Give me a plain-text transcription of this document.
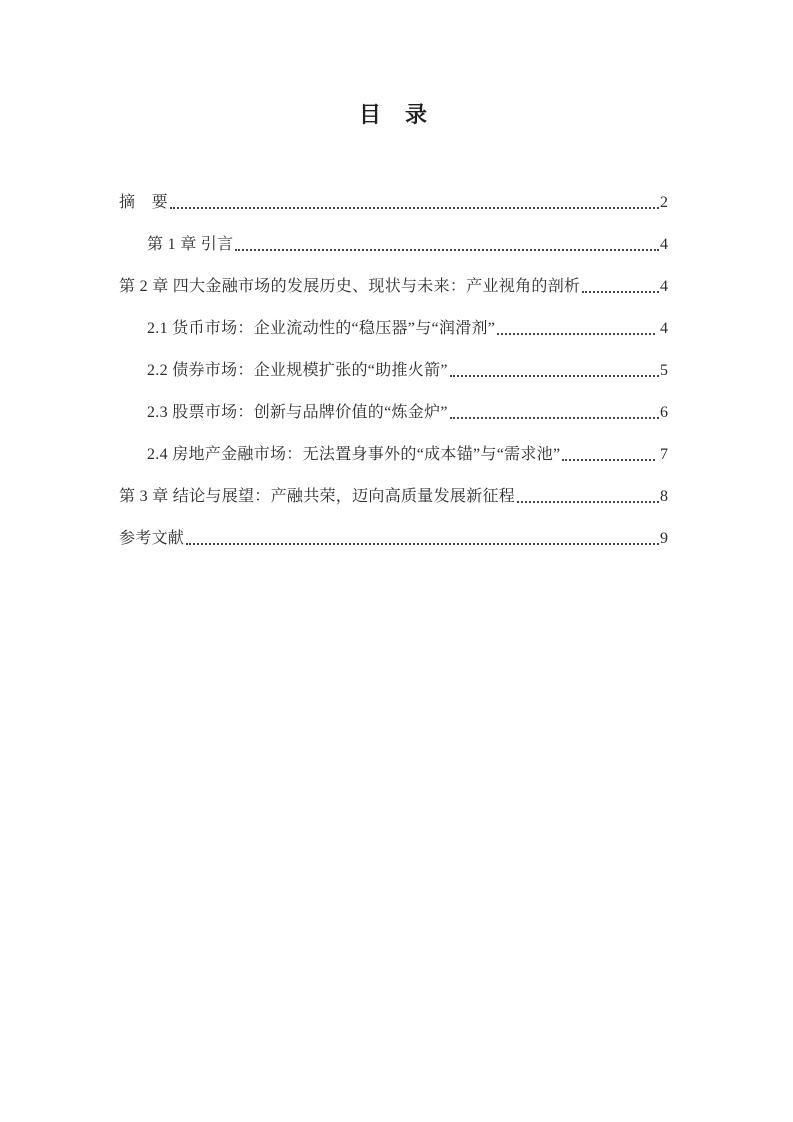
目　录
摘　要	2
第 1 章 引言	4
第 2 章 四大金融市场的发展历史、现状与未来：产业视角的剖析	4
2.1 货币市场：企业流动性的“稳压器”与“润滑剂”	4
2.2 债券市场：企业规模扩张的“助推火箭”	5
2.3 股票市场：创新与品牌价值的“炼金炉”	6
2.4 房地产金融市场：无法置身事外的“成本锚”与“需求池”	7
第 3 章 结论与展望：产融共荣，迈向高质量发展新征程	8
参考文献	9
